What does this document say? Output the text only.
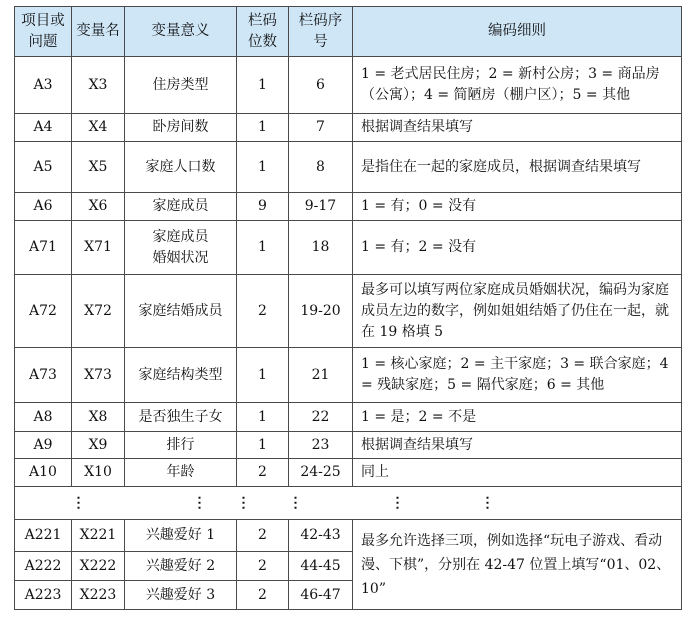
项目或问题	变量名	变量意义	栏码位数	栏码序号	编码细则
A3	X3	住房类型	1	6	1 = 老式居民住房；2 = 新村公房；3 = 商品房（公寓）；4 = 简陋房（棚户区）；5 = 其他
A4	X4	卧房间数	1	7	根据调查结果填写
A5	X5	家庭人口数	1	8	是指住在一起的家庭成员，根据调查结果填写
A6	X6	家庭成员	9	9-17	1 = 有；0 = 没有
A71	X71	家庭成员婚姻状况	1	18	1 = 有；2 = 没有
A72	X72	家庭结婚成员	2	19-20	最多可以填写两位家庭成员婚姻状况，编码为家庭成员左边的数字，例如姐姐结婚了仍住在一起，就在 19 格填 5
A73	X73	家庭结构类型	1	21	1 = 核心家庭；2 = 主干家庭；3 = 联合家庭；4 = 残缺家庭；5 = 隔代家庭；6 = 其他
A8	X8	是否独生子女	1	22	1 = 是；2 = 不是
A9	X9	排行	1	23	根据调查结果填写
A10	X10	年龄	2	24-25	同上
	⋮	⋮	⋮	⋮	⋮ ⋮
A221	X221	兴趣爱好 1	2	42-43	最多允许选择三项，例如选择“玩电子游戏、看动漫、下棋”，分别在 42-47 位置上填写“01、02、10”
A222	X222	兴趣爱好 2	2	44-45	
A223	X223	兴趣爱好 3	2	46-47	
